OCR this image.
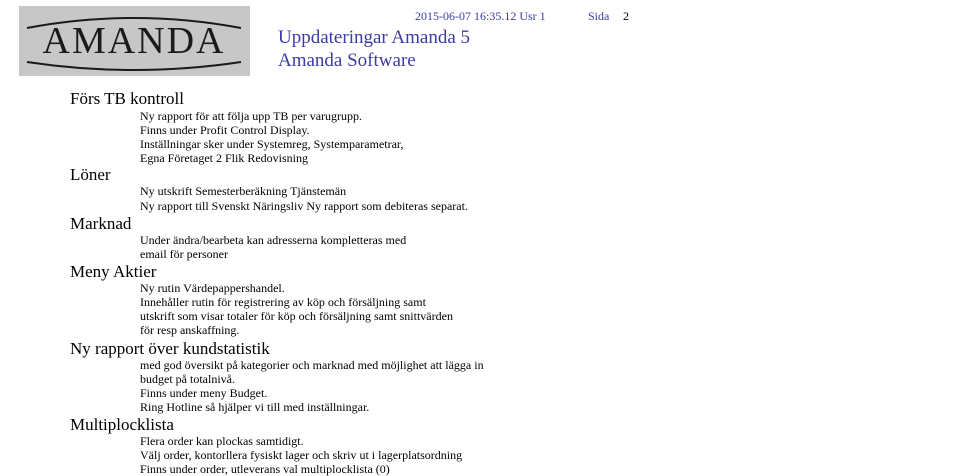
AMANDA
2015-06-07 16:35.12 Usr 1	Sida 2
Uppdateringar Amanda 5
Amanda Software
Förs TB kontroll
Ny rapport för att följa upp TB per varugrupp.
Finns under Profit Control Display.
Inställningar sker under Systemreg, Systemparametrar,
Egna Företaget 2 Flik Redovisning
Löner
Ny utskrift Semesterberäkning Tjänstemän
Ny rapport till Svenskt Näringsliv Ny rapport som debiteras separat.
Marknad
Under ändra/bearbeta kan adresserna kompletteras med
email för personer
Meny Aktier
Ny rutin Värdepappershandel.
Innehåller rutin för registrering av köp och försäljning samt
utskrift som visar totaler för köp och försäljning samt snittvärden
för resp anskaffning.
Ny rapport över kundstatistik
med god översikt på kategorier och marknad med möjlighet att lägga in
budget på totalnivå.
Finns under meny Budget.
Ring Hotline så hjälper vi till med inställningar.
Multiplocklista
Flera order kan plockas samtidigt.
Välj order, kontorllera fysiskt lager och skriv ut i lagerplatsordning
Finns under order, utleverans val multiplocklista (0)
